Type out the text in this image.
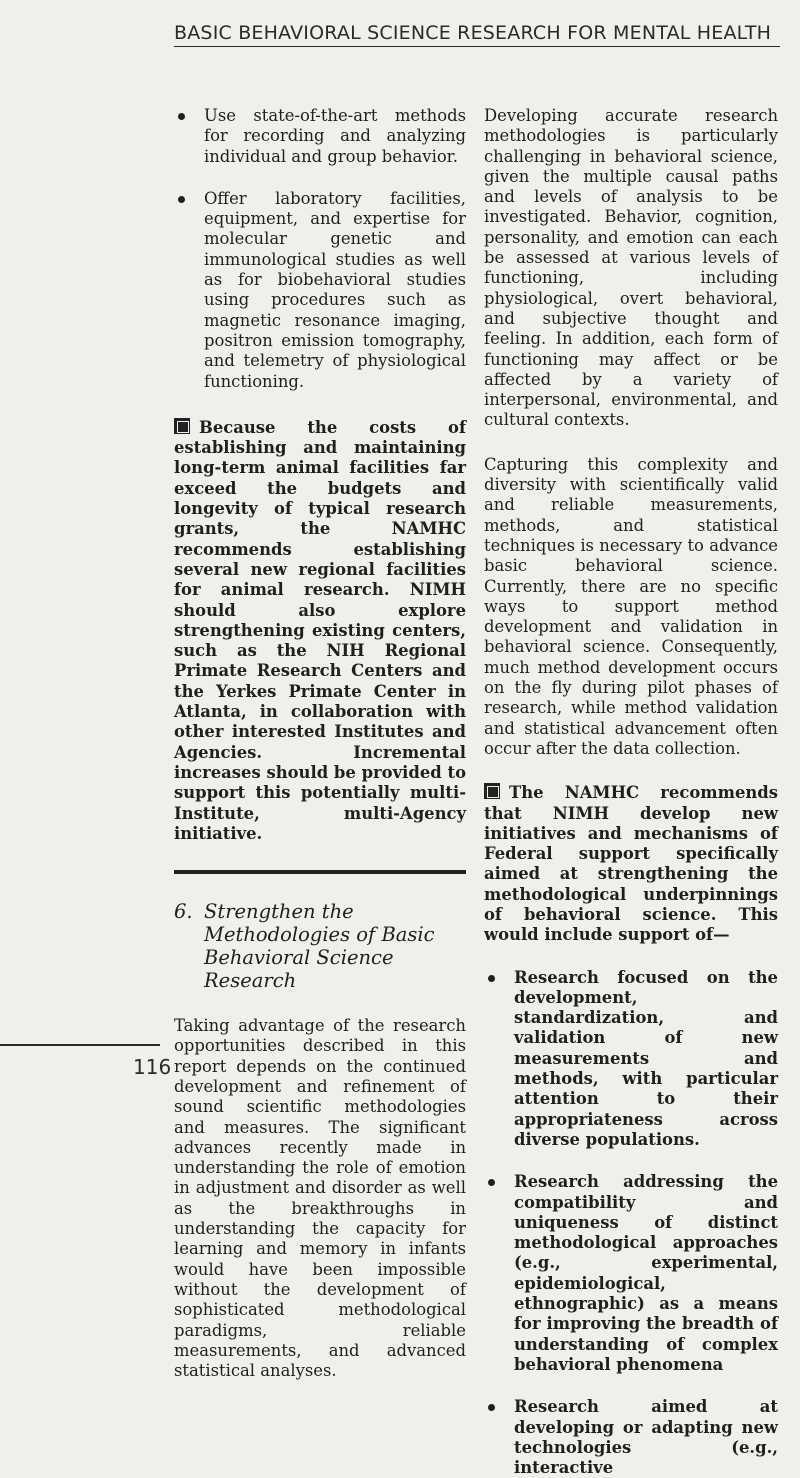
BASIC BEHAVIORAL SCIENCE RESEARCH FOR MENTAL HEALTH

Use state-of-the-art methods for recording and analyzing individual and group behavior.

Offer laboratory facilities, equipment, and expertise for molecular genetic and immunological studies as well as for biobehavioral studies using procedures such as magnetic resonance imaging, positron emission tomography, and telemetry of physiological functioning.

Because the costs of establishing and maintaining long-term animal facilities far exceed the budgets and longevity of typical research grants, the NAMHC recommends establishing several new regional facilities for animal research. NIMH should also explore strengthening existing centers, such as the NIH Regional Primate Research Centers and the Yerkes Primate Center in Atlanta, in collaboration with other interested Institutes and Agencies. Incremental increases should be provided to support this potentially multi-Institute, multi-Agency initiative.

6. Strengthen the Methodologies of Basic Behavioral Science Research

Taking advantage of the research opportunities described in this report depends on the continued development and refinement of sound scientific methodologies and measures. The significant advances recently made in understanding the role of emotion in adjustment and disorder as well as the breakthroughs in understanding the capacity for learning and memory in infants would have been impossible without the development of sophisticated methodological paradigms, reliable measurements, and advanced statistical analyses.

Developing accurate research methodologies is particularly challenging in behavioral science, given the multiple causal paths and levels of analysis to be investigated. Behavior, cognition, personality, and emotion can each be assessed at various levels of functioning, including physiological, overt behavioral, and subjective thought and feeling. In addition, each form of functioning may affect or be affected by a variety of interpersonal, environmental, and cultural contexts.

Capturing this complexity and diversity with scientifically valid and reliable measurements, methods, and statistical techniques is necessary to advance basic behavioral science. Currently, there are no specific ways to support method development and validation in behavioral science. Consequently, much method development occurs on the fly during pilot phases of research, while method validation and statistical advancement often occur after the data collection.

The NAMHC recommends that NIMH develop new initiatives and mechanisms of Federal support specifically aimed at strengthening the methodological underpinnings of behavioral science. This would include support of—

Research focused on the development, standardization, and validation of new measurements and methods, with particular attention to their appropriateness across diverse populations.

Research addressing the compatibility and uniqueness of distinct methodological approaches (e.g., experimental, epidemiological, ethnographic) as a means for improving the breadth of understanding of complex behavioral phenomena

Research aimed at developing or adapting new technologies (e.g., interactive

116
